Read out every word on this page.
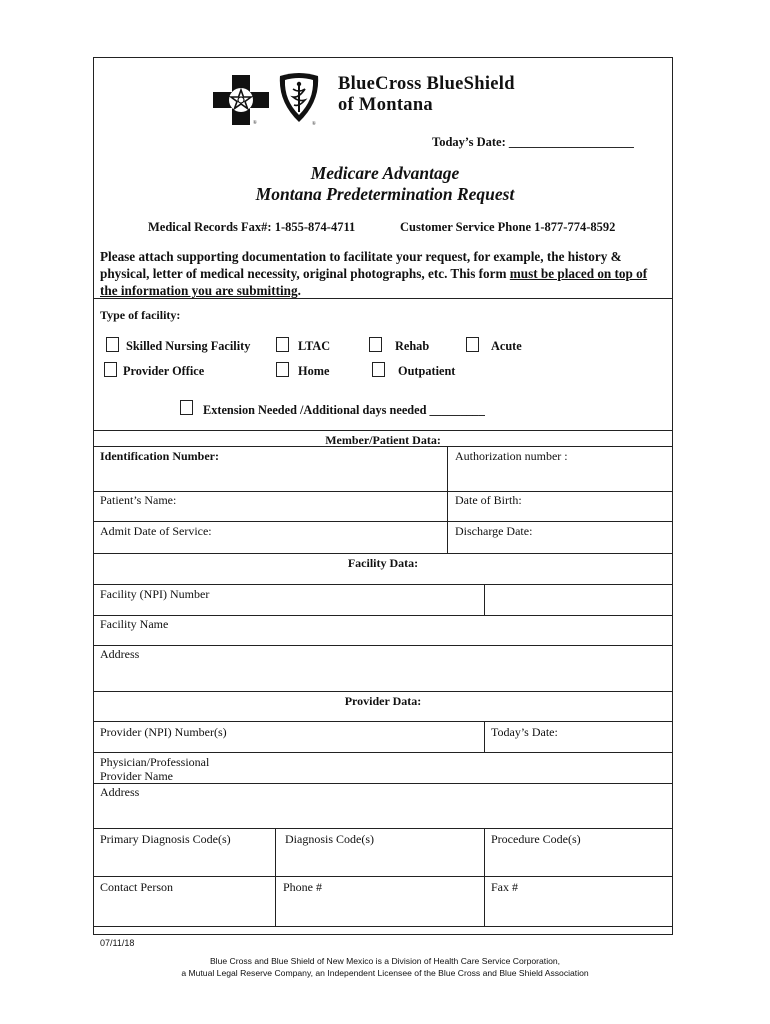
®	®
BlueCross BlueShield
of Montana
Today’s Date: ____________________
Medicare Advantage
Montana Predetermination Request
Medical Records Fax#: 1-855-874-4711	Customer Service Phone 1-877-774-8592
Please attach supporting documentation to facilitate your request, for example, the history & physical, letter of medical necessity, original photographs, etc. This form must be placed on top of the information you are submitting.
Type of facility:
Skilled Nursing Facility	LTAC	Rehab	Acute
Provider Office	Home	Outpatient
Extension Needed /Additional days needed _________
Member/Patient Data:
Identification Number:	Authorization number :
Patient’s Name:	Date of Birth:
Admit Date of Service:	Discharge Date:
Facility Data:
Facility (NPI) Number
Facility Name
Address
Provider Data:
Provider (NPI) Number(s)	Today’s Date:
Physician/Professional
Provider Name
Address
Primary Diagnosis Code(s)	Diagnosis Code(s)	Procedure Code(s)
Contact Person	Phone #	Fax #
07/11/18
Blue Cross and Blue Shield of New Mexico is a Division of Health Care Service Corporation,
a Mutual Legal Reserve Company, an Independent Licensee of the Blue Cross and Blue Shield Association
